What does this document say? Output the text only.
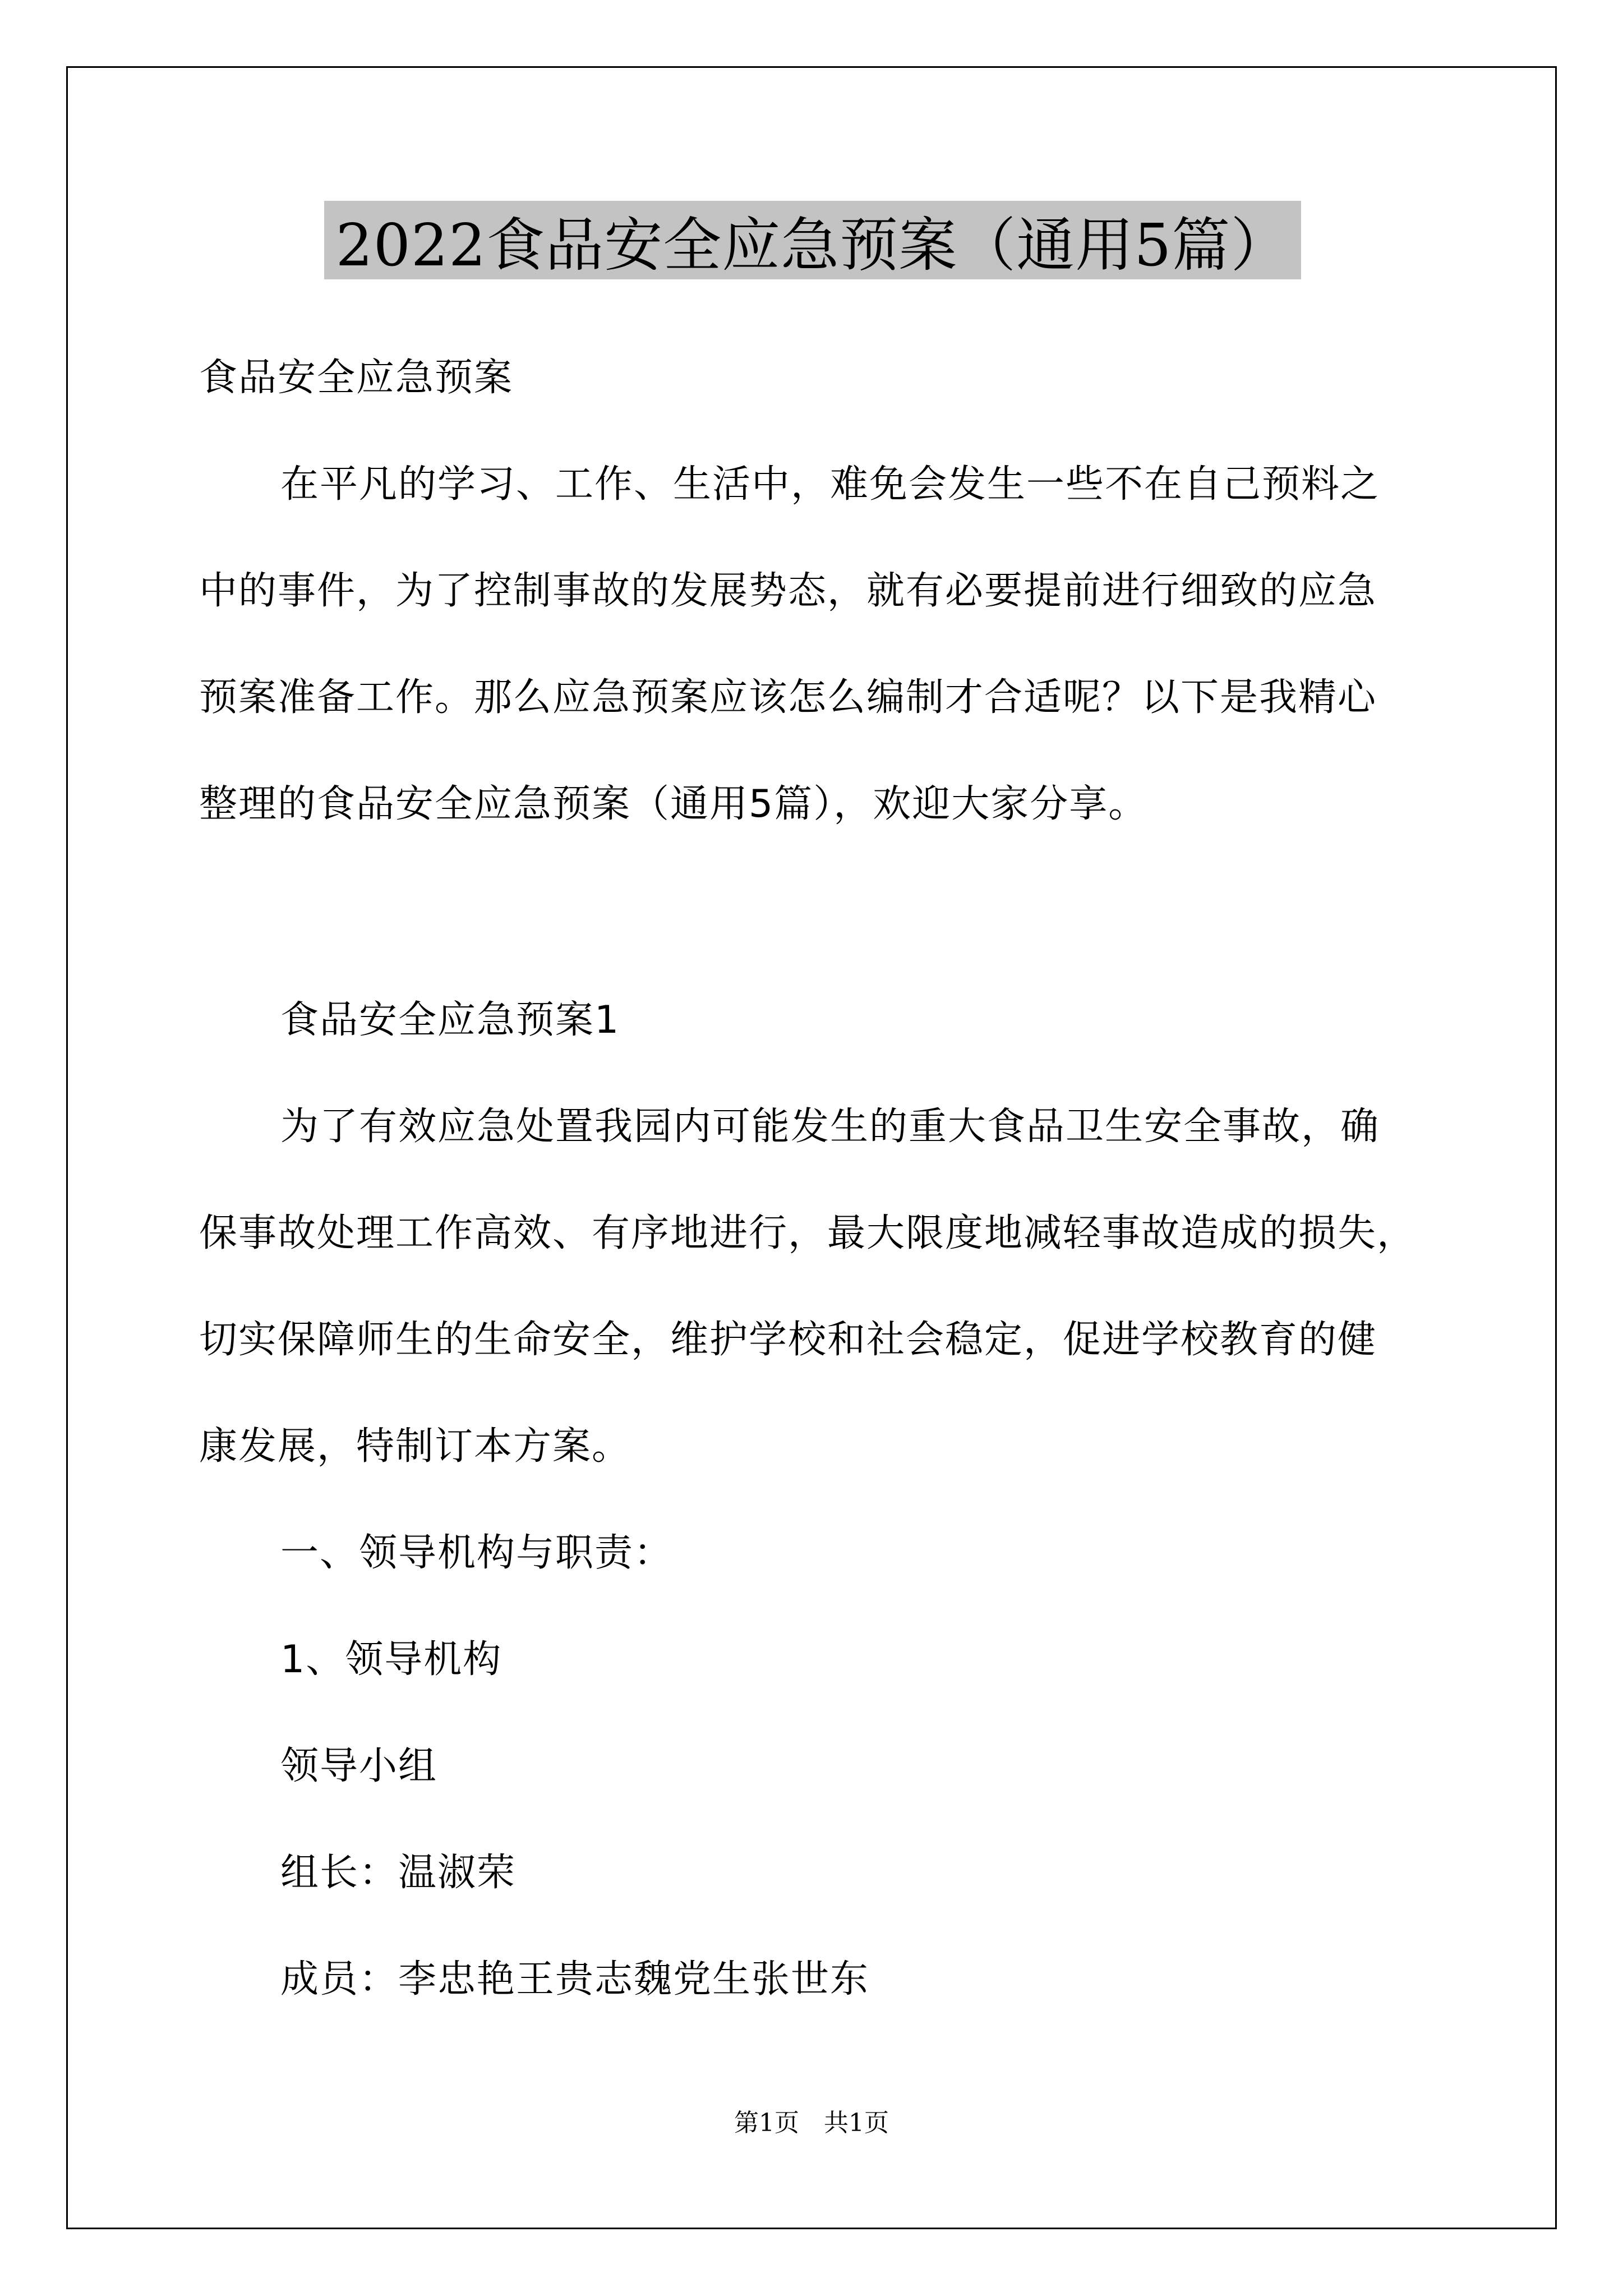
2022食品安全应急预案（通用5篇）
食品安全应急预案
在平凡的学习、工作、生活中，难免会发生一些不在自己预料之
中的事件，为了控制事故的发展势态，就有必要提前进行细致的应急
预案准备工作。那么应急预案应该怎么编制才合适呢？以下是我精心
整理的食品安全应急预案（通用5篇），欢迎大家分享。
食品安全应急预案1
为了有效应急处置我园内可能发生的重大食品卫生安全事故，确
保事故处理工作高效、有序地进行，最大限度地减轻事故造成的损失，
切实保障师生的生命安全，维护学校和社会稳定，促进学校教育的健
康发展，特制订本方案。
一、领导机构与职责：
1、领导机构
领导小组
组长：温淑荣
成员：李忠艳王贵志魏党生张世东
第1页　共1页
